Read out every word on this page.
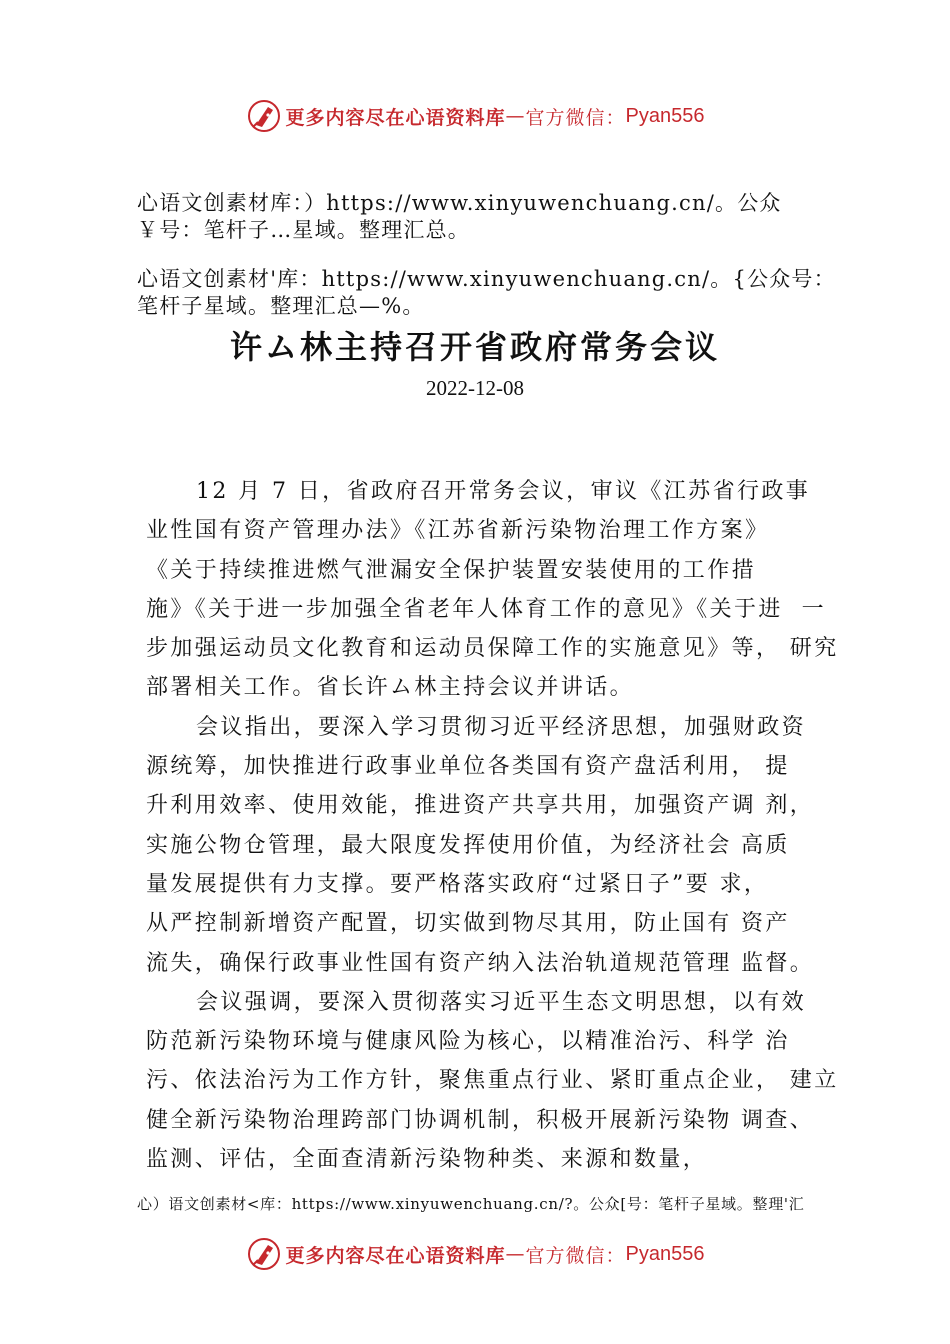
更多内容尽在心语资料库 — 官方微信： Pyan556
心语文创素材库：）https://www.xinyuwenchuang.cn/。公众
￥号：笔杆子…星域。整理汇总。
心语文创素材'库：https://www.xinyuwenchuang.cn/。{公众号：
笔杆子星域。整理汇总—%。
许ム林主持召开省政府常务会议
2022-12-08
12 月 7 日，省政府召开常务会议，审议《江苏省行政事
业性国有资产管理办法》《江苏省新污染物治理工作方案》
《关于持续推进燃气泄漏安全保护装置安装使用的工作措
施》《关于进一步加强全省老年人体育工作的意见》《关于进  一
步加强运动员文化教育和运动员保障工作的实施意见》等， 研究
部署相关工作。省长许ム林主持会议并讲话。
会议指出，要深入学习贯彻习近平经济思想，加强财政资
源统筹，加快推进行政事业单位各类国有资产盘活利用， 提
升利用效率、使用效能，推进资产共享共用，加强资产调 剂，
实施公物仓管理，最大限度发挥使用价值，为经济社会 高质
量发展提供有力支撑。要严格落实政府“过紧日子”要 求，
从严控制新增资产配置，切实做到物尽其用，防止国有 资产
流失，确保行政事业性国有资产纳入法治轨道规范管理 监督。
会议强调，要深入贯彻落实习近平生态文明思想，以有效
防范新污染物环境与健康风险为核心，以精准治污、科学 治
污、依法治污为工作方针，聚焦重点行业、紧盯重点企业， 建立
健全新污染物治理跨部门协调机制，积极开展新污染物 调查、
监测、评估，全面查清新污染物种类、来源和数量，
心）语文创素材<库：https://www.xinyuwenchuang.cn/?。公众[号：笔杆子星域。整理'汇
更多内容尽在心语资料库 — 官方微信： Pyan556
